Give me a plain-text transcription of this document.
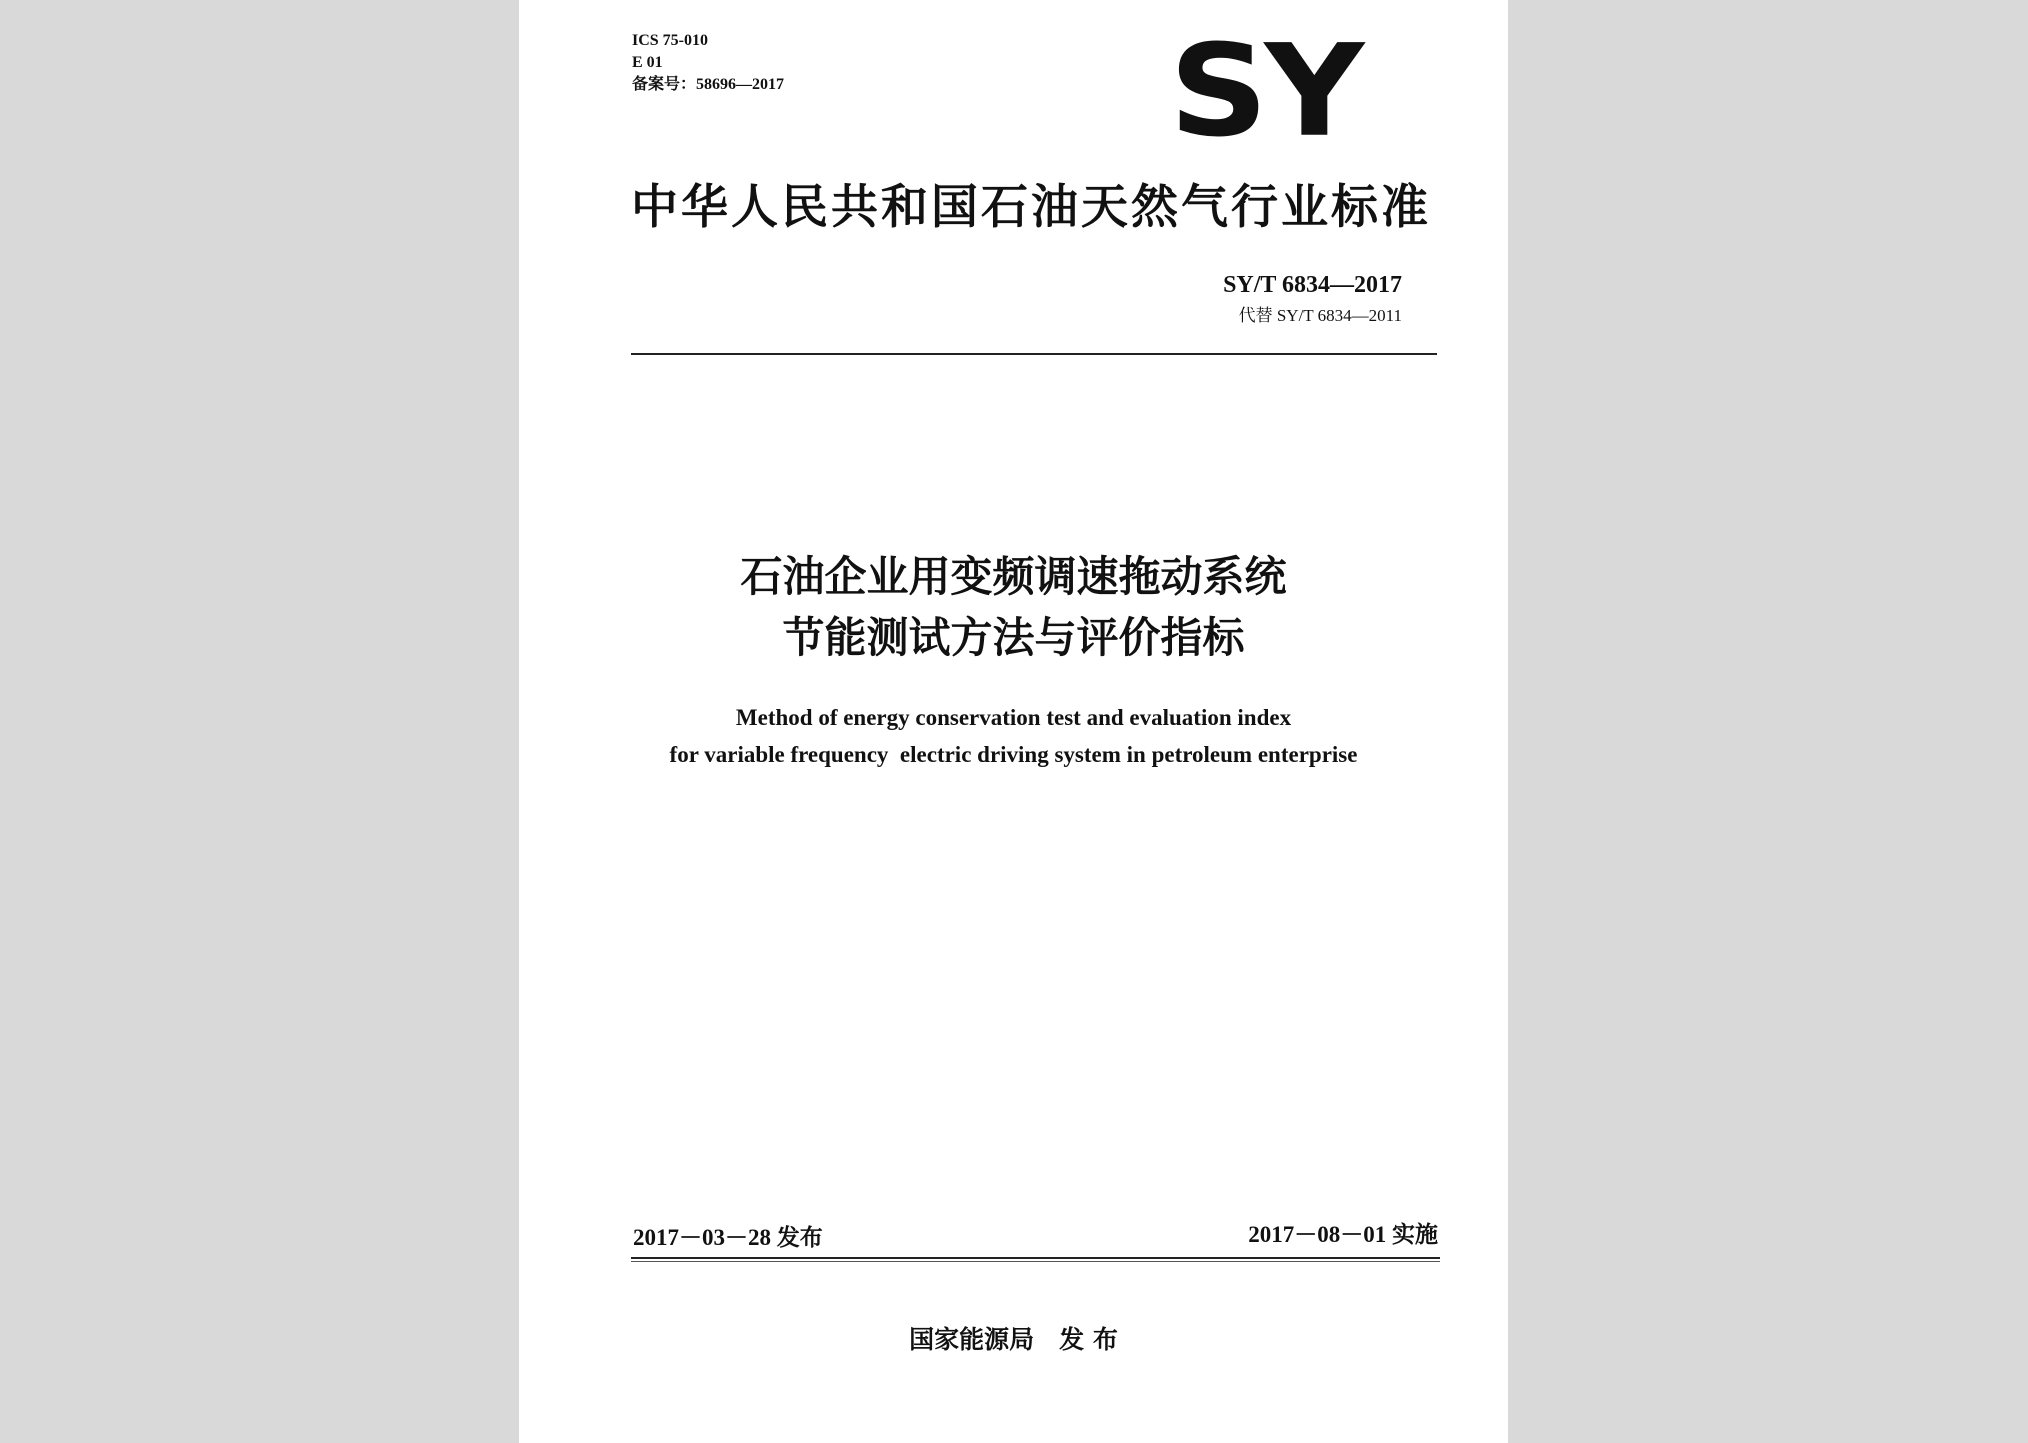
ICS 75-010
E 01
备案号：58696—2017	SY
中华人民共和国石油天然气行业标准
SY/T 6834—2017
代替 SY/T 6834—2011
石油企业用变频调速拖动系统
节能测试方法与评价指标
Method of energy conservation test and evaluation index
for variable frequency  electric driving system in petroleum enterprise
2017－03－28 发布	2017－08－01 实施
国家能源局　发 布
